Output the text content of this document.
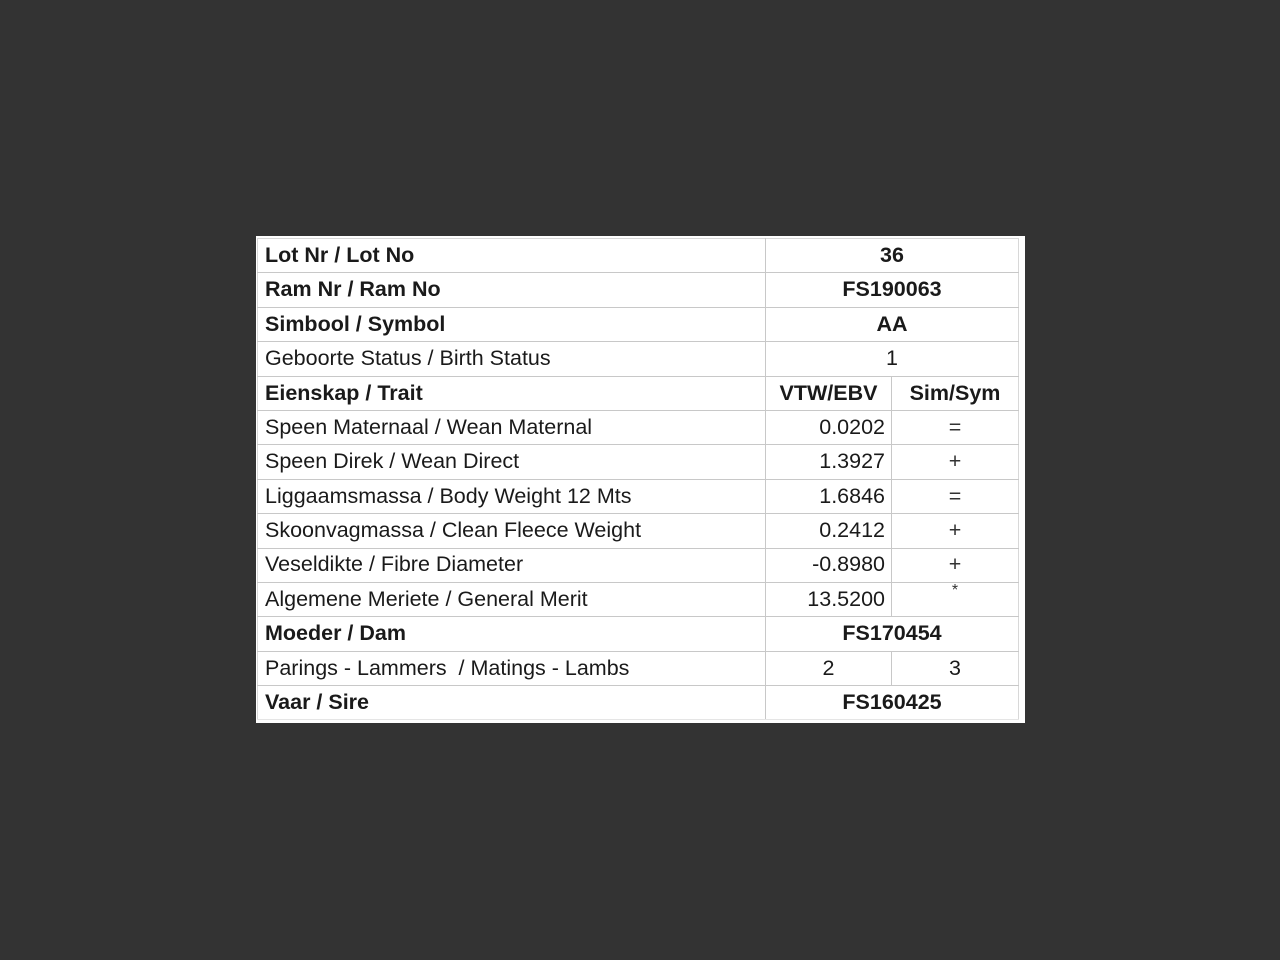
Lot Nr / Lot No	36	
Ram Nr / Ram No	FS190063	
Simbool / Symbol	AA	
Geboorte Status / Birth Status	1	
Eienskap / Trait	VTW/EBV	Sim/Sym
Speen Maternaal / Wean Maternal	0.0202	=
Speen Direk / Wean Direct	1.3927	+
Liggaamsmassa / Body Weight 12 Mts	1.6846	=
Skoonvagmassa / Clean Fleece Weight	0.2412	+
Veseldikte / Fibre Diameter	-0.8980	+
Algemene Meriete / General Merit	13.5200	*
Moeder / Dam	FS170454	
Parings - Lammers  / Matings - Lambs	2	3
Vaar / Sire	FS160425	
